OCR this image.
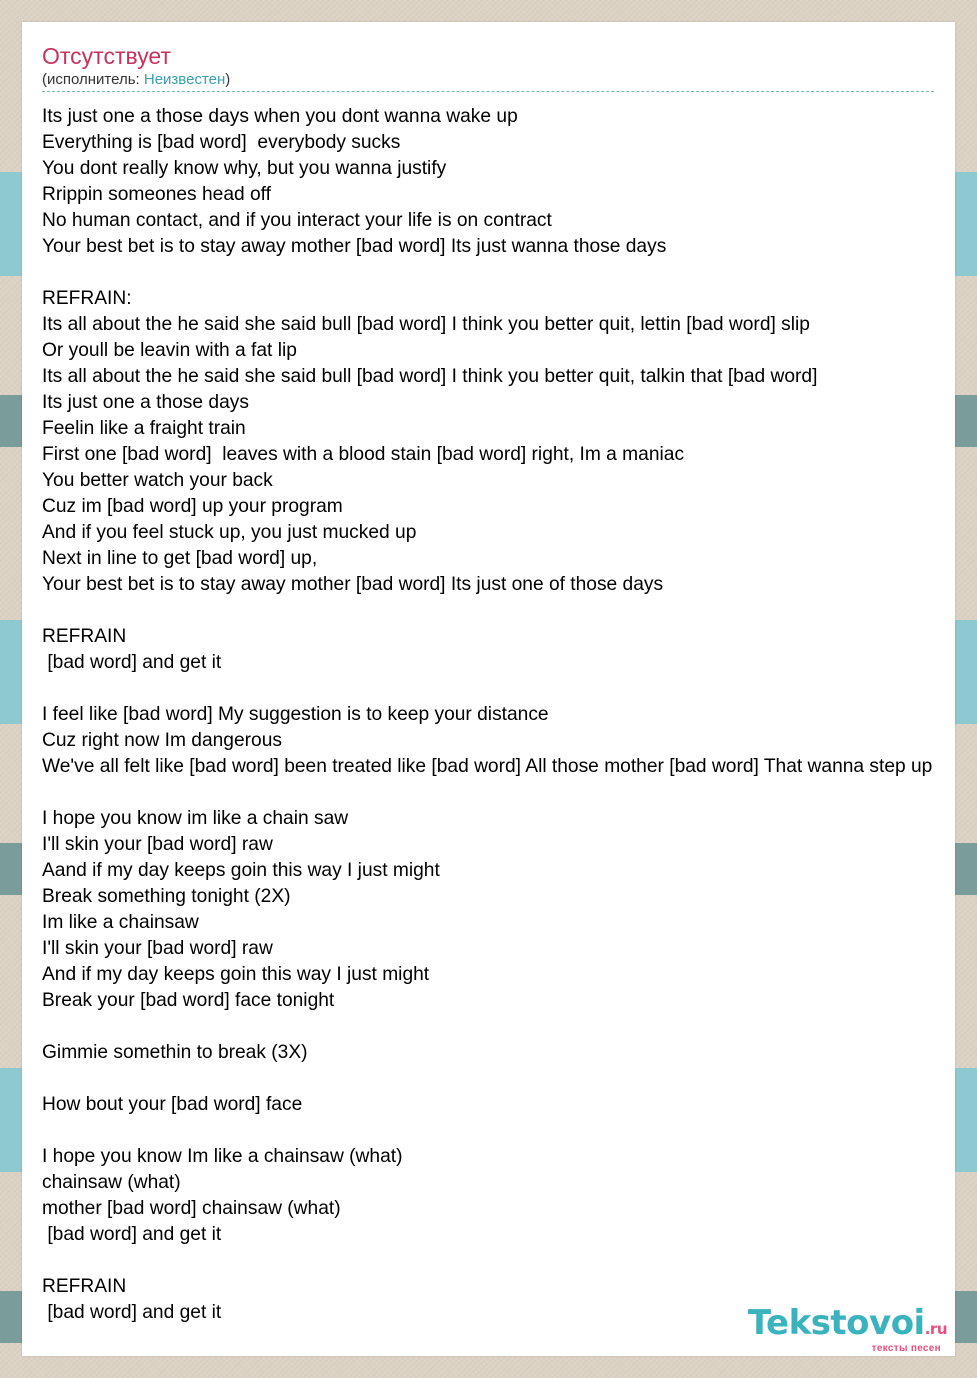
Отсутствует
(исполнитель: Неизвестен)
Its just one a those days when you dont wanna wake up
Everything is [bad word]  everybody sucks
You dont really know why, but you wanna justify
Rrippin someones head off
No human contact, and if you interact your life is on contract
Your best bet is to stay away mother [bad word] Its just wanna those days
REFRAIN:
Its all about the he said she said bull [bad word] I think you better quit, lettin [bad word] slip
Or youll be leavin with a fat lip
Its all about the he said she said bull [bad word] I think you better quit, talkin that [bad word]
Its just one a those days
Feelin like a fraight train
First one [bad word]  leaves with a blood stain [bad word] right, Im a maniac
You better watch your back
Cuz im [bad word] up your program
And if you feel stuck up, you just mucked up
Next in line to get [bad word] up,
Your best bet is to stay away mother [bad word] Its just one of those days
REFRAIN
[bad word] and get it
I feel like [bad word] My suggestion is to keep your distance
Cuz right now Im dangerous
We've all felt like [bad word] been treated like [bad word] All those mother [bad word] That wanna step up
I hope you know im like a chain saw
I'll skin your [bad word] raw
Aand if my day keeps goin this way I just might
Break something tonight (2X)
Im like a chainsaw
I'll skin your [bad word] raw
And if my day keeps goin this way I just might
Break your [bad word] face tonight
Gimmie somethin to break (3X)
How bout your [bad word] face
I hope you know Im like a chainsaw (what)
chainsaw (what)
mother [bad word] chainsaw (what)
[bad word] and get it
REFRAIN
[bad word] and get it	Tekstovoi.ru
тексты песен
